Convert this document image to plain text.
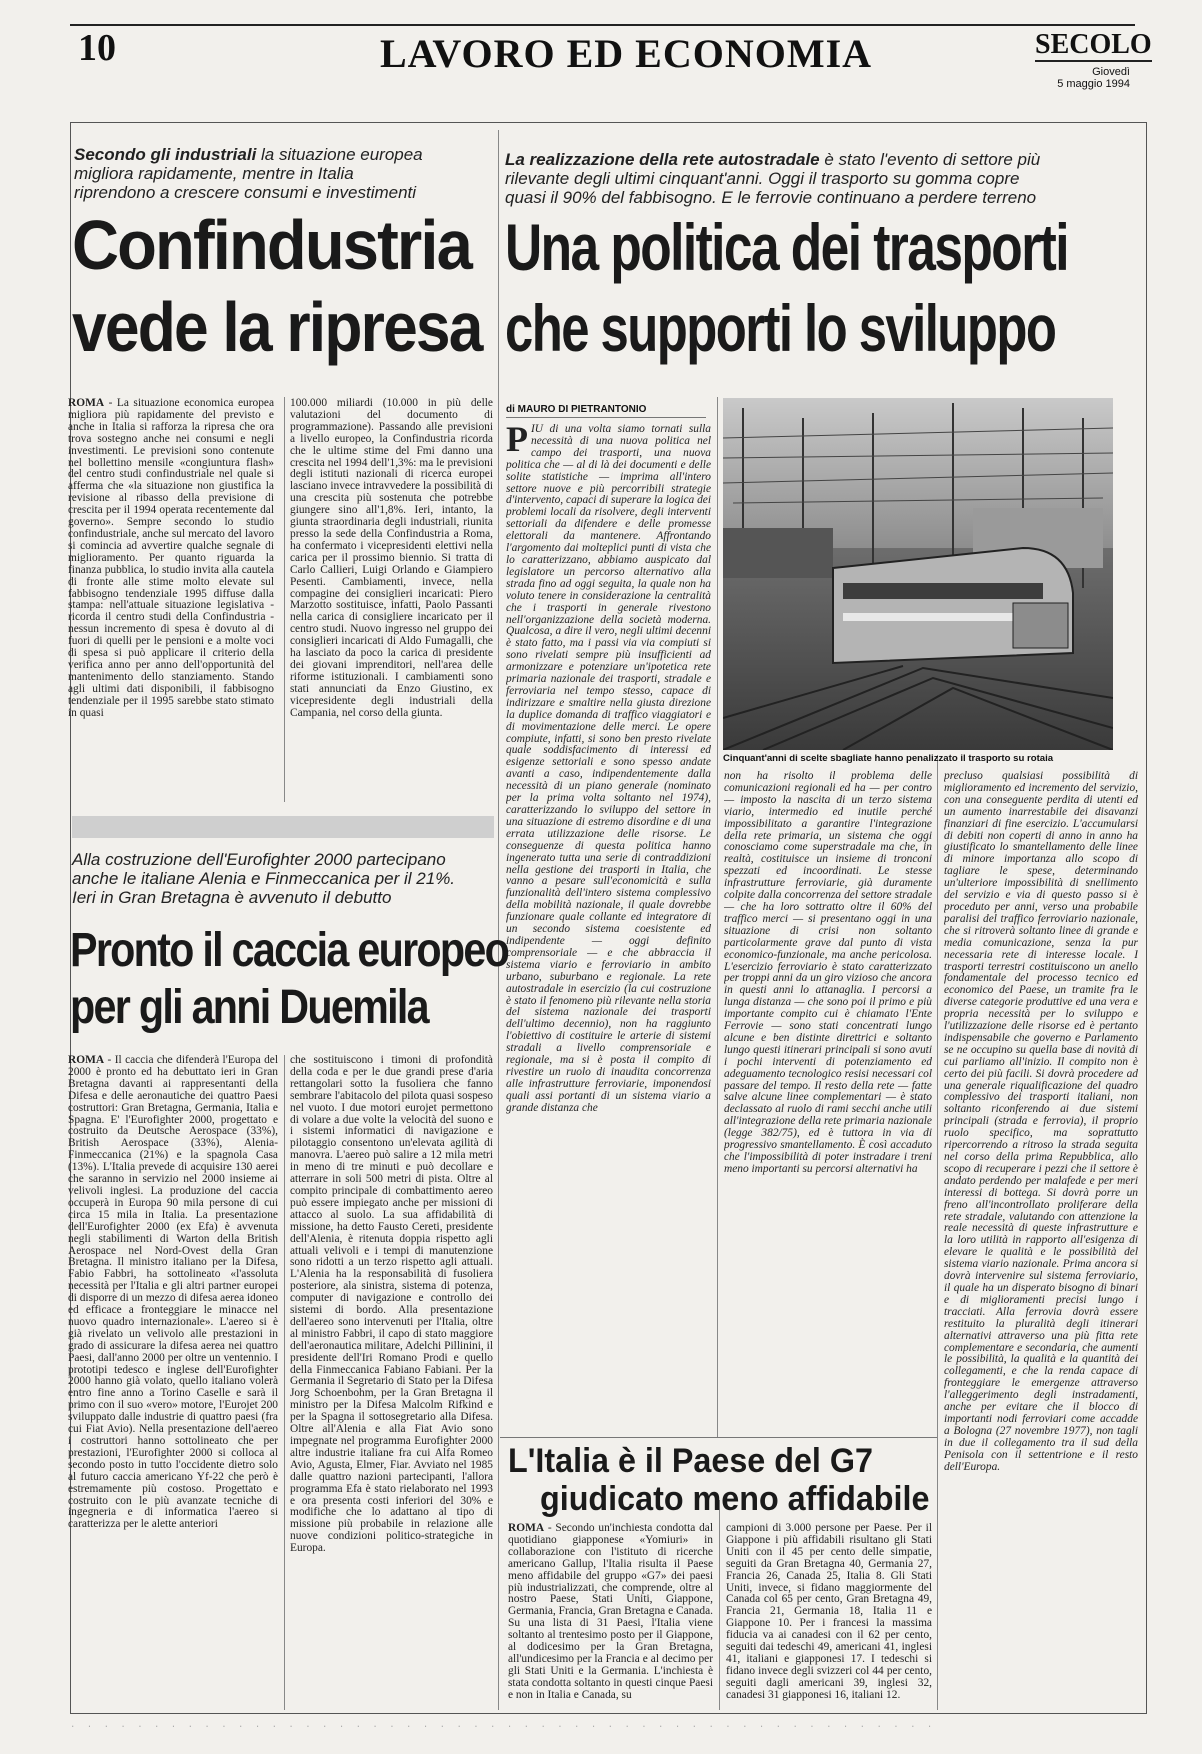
10	LAVORO ED ECONOMIA	SECOLO
Giovedì
5 maggio 1994
Secondo gli industriali la situazione europea migliora rapidamente, mentre in Italia riprendono a crescere consumi e investimenti
Confindustria
vede la ripresa
ROMA - La situazione economica europea migliora più rapidamente del previsto e anche in Italia si rafforza la ripresa che ora trova sostegno anche nei consumi e negli investimenti. Le previsioni sono contenute nel bollettino mensile «congiuntura flash» del centro studi confindustriale nel quale si afferma che «la situazione non giustifica la revisione al ribasso della previsione di crescita per il 1994 operata recentemente dal governo». Sempre secondo lo studio confindustriale, anche sul mercato del lavoro si comincia ad avvertire qualche segnale di miglioramento. Per quanto riguarda la finanza pubblica, lo studio invita alla cautela di fronte alle stime molto elevate sul fabbisogno tendenziale 1995 diffuse dalla stampa: nell'attuale situazione legislativa - ricorda il centro studi della Confindustria - nessun incremento di spesa è dovuto al di fuori di quelli per le pensioni e a molte voci di spesa si può applicare il criterio della verifica anno per anno dell'opportunità del mantenimento dello stanziamento. Stando agli ultimi dati disponibili, il fabbisogno tendenziale per il 1995 sarebbe stato stimato in quasi
100.000 miliardi (10.000 in più delle valutazioni del documento di programmazione). Passando alle previsioni a livello europeo, la Confindustria ricorda che le ultime stime del Fmi danno una crescita nel 1994 dell'1,3%: ma le previsioni degli istituti nazionali di ricerca europei lasciano invece intravvedere la possibilità di una crescita più sostenuta che potrebbe giungere sino all'1,8%. Ieri, intanto, la giunta straordinaria degli industriali, riunita presso la sede della Confindustria a Roma, ha confermato i vicepresidenti elettivi nella carica per il prossimo biennio. Si tratta di Carlo Callieri, Luigi Orlando e Giampiero Pesenti. Cambiamenti, invece, nella compagine dei consiglieri incaricati: Piero Marzotto sostituisce, infatti, Paolo Passanti nella carica di consigliere incaricato per il centro studi. Nuovo ingresso nel gruppo dei consiglieri incaricati di Aldo Fumagalli, che ha lasciato da poco la carica di presidente dei giovani imprenditori, nell'area delle riforme istituzionali. I cambiamenti sono stati annunciati da Enzo Giustino, ex vicepresidente degli industriali della Campania, nel corso della giunta.
La realizzazione della rete autostradale è stato l'evento di settore più rilevante degli ultimi cinquant'anni. Oggi il trasporto su gomma copre quasi il 90% del fabbisogno. E le ferrovie continuano a perdere terreno
Una politica dei trasporti
che supporti lo sviluppo
di MAURO DI PIETRANTONIO
PIÙ di una volta siamo tornati sulla necessità di una nuova politica nel campo dei trasporti, una nuova politica che — al di là dei documenti e delle solite statistiche — imprima all'intero settore nuove e più percorribili strategie d'intervento, capaci di superare la logica dei problemi locali da risolvere, degli interventi settoriali da difendere e delle promesse elettorali da mantenere. Affrontando l'argomento dai molteplici punti di vista che lo caratterizzano, abbiamo auspicato dal legislatore un percorso alternativo alla strada fino ad oggi seguita, la quale non ha voluto tenere in considerazione la centralità che i trasporti in generale rivestono nell'organizzazione della società moderna. Qualcosa, a dire il vero, negli ultimi decenni è stato fatto, ma i passi via via compiuti si sono rivelati sempre più insufficienti ad armonizzare e potenziare un'ipotetica rete primaria nazionale dei trasporti, stradale e ferroviaria nel tempo stesso, capace di indirizzare e smaltire nella giusta direzione la duplice domanda di traffico viaggiatori e di movimentazione delle merci. Le opere compiute, infatti, si sono ben presto rivelate quale soddisfacimento di interessi ed esigenze settoriali e sono spesso andate avanti a caso, indipendentemente dalla necessità di un piano generale (nominato per la prima volta soltanto nel 1974), caratterizzando lo sviluppo del settore in una situazione di estremo disordine e di una errata utilizzazione delle risorse. Le conseguenze di questa politica hanno ingenerato tutta una serie di contraddizioni nella gestione dei trasporti in Italia, che vanno a pesare sull'economicità e sulla funzionalità dell'intero sistema complessivo della mobilità nazionale, il quale dovrebbe funzionare quale collante ed integratore di un secondo sistema coesistente ed indipendente — oggi definito comprensoriale — e che abbraccia il sistema viario e ferroviario in ambito urbano, suburbano e regionale. La rete autostradale in esercizio (la cui costruzione è stato il fenomeno più rilevante nella storia del sistema nazionale dei trasporti dell'ultimo decennio), non ha raggiunto l'obiettivo di costituire le arterie di sistemi stradali a livello comprensoriale e regionale, ma si è posta il compito di rivestire un ruolo di inaudita concorrenza alle infrastrutture ferroviarie, imponendosi quali assi portanti di un sistema viario a grande distanza che
Cinquant'anni di scelte sbagliate hanno penalizzato il trasporto su rotaia
non ha risolto il problema delle comunicazioni regionali ed ha — per contro — imposto la nascita di un terzo sistema viario, intermedio ed inutile perché impossibilitato a garantire l'integrazione della rete primaria, un sistema che oggi conosciamo come superstradale ma che, in realtà, costituisce un insieme di tronconi spezzati ed incoordinati. Le stesse infrastrutture ferroviarie, già duramente colpite dalla concorrenza del settore stradale — che ha loro sottratto oltre il 60% del traffico merci — si presentano oggi in una situazione di crisi non soltanto particolarmente grave dal punto di vista economico-funzionale, ma anche pericolosa. L'esercizio ferroviario è stato caratterizzato per troppi anni da un giro vizioso che ancora in questi anni lo attanaglia. I percorsi a lunga distanza — che sono poi il primo e più importante compito cui è chiamato l'Ente Ferrovie — sono stati concentrati lungo alcune e ben distinte direttrici e soltanto lungo questi itinerari principali si sono avuti i pochi interventi di potenziamento ed adeguamento tecnologico resisi necessari col passare del tempo. Il resto della rete — fatte salve alcune linee complementari — è stato declassato al ruolo di rami secchi anche utili all'integrazione della rete primaria nazionale (legge 382/75), ed è tuttora in via di progressivo smantellamento. È così accaduto che l'impossibilità di poter instradare i treni meno importanti su percorsi alternativi ha
precluso qualsiasi possibilità di miglioramento ed incremento del servizio, con una conseguente perdita di utenti ed un aumento inarrestabile dei disavanzi finanziari di fine esercizio. L'accumularsi di debiti non coperti di anno in anno ha giustificato lo smantellamento delle linee di minore importanza allo scopo di tagliare le spese, determinando un'ulteriore impossibilità di snellimento del servizio e via di questo passo si è proceduto per anni, verso una probabile paralisi del traffico ferroviario nazionale, che si ritroverà soltanto linee di grande e media comunicazione, senza la pur necessaria rete di interesse locale. I trasporti terrestri costituiscono un anello fondamentale del processo tecnico ed economico del Paese, un tramite fra le diverse categorie produttive ed una vera e propria necessità per lo sviluppo e l'utilizzazione delle risorse ed è pertanto indispensabile che governo e Parlamento se ne occupino su quella base di novità di cui parliamo all'inizio. Il compito non è certo dei più facili. Si dovrà procedere ad una generale riqualificazione del quadro complessivo dei trasporti italiani, non soltanto riconferendo ai due sistemi principali (strada e ferrovia), il proprio ruolo specifico, ma soprattutto ripercorrendo a ritroso la strada seguita nel corso della prima Repubblica, allo scopo di recuperare i pezzi che il settore è andato perdendo per malafede e per meri interessi di bottega. Si dovrà porre un freno all'incontrollato proliferare della rete stradale, valutando con attenzione la reale necessità di queste infrastrutture e la loro utilità in rapporto all'esigenza di elevare le qualità e le possibilità del sistema viario nazionale. Prima ancora si dovrà intervenire sul sistema ferroviario, il quale ha un disperato bisogno di binari e di miglioramenti precisi lungo i tracciati. Alla ferrovia dovrà essere restituito la pluralità degli itinerari alternativi attraverso una più fitta rete complementare e secondaria, che aumenti le possibilità, la qualità e la quantità dei collegamenti, e che la renda capace di fronteggiare le emergenze attraverso l'alleggerimento degli instradamenti, anche per evitare che il blocco di importanti nodi ferroviari come accadde a Bologna (27 novembre 1977), non tagli in due il collegamento tra il sud della Penisola con il settentrione e il resto dell'Europa.
Alla costruzione dell'Eurofighter 2000 partecipano anche le italiane Alenia e Finmeccanica per il 21%. Ieri in Gran Bretagna è avvenuto il debutto
Pronto il caccia europeo
per gli anni Duemila
ROMA - Il caccia che difenderà l'Europa del 2000 è pronto ed ha debuttato ieri in Gran Bretagna davanti ai rappresentanti della Difesa e delle aeronautiche dei quattro Paesi costruttori: Gran Bretagna, Germania, Italia e Spagna. E' l'Eurofighter 2000, progettato e costruito da Deutsche Aerospace (33%), British Aerospace (33%), Alenia-Finmeccanica (21%) e la spagnola Casa (13%). L'Italia prevede di acquisire 130 aerei che saranno in servizio nel 2000 insieme ai velivoli inglesi. La produzione del caccia occuperà in Europa 90 mila persone di cui circa 15 mila in Italia. La presentazione dell'Eurofighter 2000 (ex Efa) è avvenuta negli stabilimenti di Warton della British Aerospace nel Nord-Ovest della Gran Bretagna. Il ministro italiano per la Difesa, Fabio Fabbri, ha sottolineato «l'assoluta necessità per l'Italia e gli altri partner europei di disporre di un mezzo di difesa aerea idoneo ed efficace a fronteggiare le minacce nel nuovo quadro internazionale». L'aereo si è già rivelato un velivolo alle prestazioni in grado di assicurare la difesa aerea nei quattro Paesi, dall'anno 2000 per oltre un ventennio. I prototipi tedesco e inglese dell'Eurofighter 2000 hanno già volato, quello italiano volerà entro fine anno a Torino Caselle e sarà il primo con il suo «vero» motore, l'Eurojet 200 sviluppato dalle industrie di quattro paesi (fra cui Fiat Avio). Nella presentazione dell'aereo i costruttori hanno sottolineato che per prestazioni, l'Eurofighter 2000 si colloca al secondo posto in tutto l'occidente dietro solo al futuro caccia americano Yf-22 che però è estremamente più costoso. Progettato e costruito con le più avanzate tecniche di ingegneria e di informatica l'aereo si caratterizza per le alette anteriori
che sostituiscono i timoni di profondità della coda e per le due grandi prese d'aria rettangolari sotto la fusoliera che fanno sembrare l'abitacolo del pilota quasi sospeso nel vuoto. I due motori eurojet permettono di volare a due volte la velocità del suono e i sistemi informatici di navigazione e pilotaggio consentono un'elevata agilità di manovra. L'aereo può salire a 12 mila metri in meno di tre minuti e può decollare e atterrare in soli 500 metri di pista. Oltre al compito principale di combattimento aereo può essere impiegato anche per missioni di attacco al suolo. La sua affidabilità di missione, ha detto Fausto Cereti, presidente dell'Alenia, è ritenuta doppia rispetto agli attuali velivoli e i tempi di manutenzione sono ridotti a un terzo rispetto agli attuali. L'Alenia ha la responsabilità di fusoliera posteriore, ala sinistra, sistema di potenza, computer di navigazione e controllo dei sistemi di bordo. Alla presentazione dell'aereo sono intervenuti per l'Italia, oltre al ministro Fabbri, il capo di stato maggiore dell'aeronautica militare, Adelchi Pillinini, il presidente dell'Iri Romano Prodi e quello della Finmeccanica Fabiano Fabiani. Per la Germania il Segretario di Stato per la Difesa Jorg Schoenbohm, per la Gran Bretagna il ministro per la Difesa Malcolm Rifkind e per la Spagna il sottosegretario alla Difesa. Oltre all'Alenia e alla Fiat Avio sono impegnate nel programma Eurofighter 2000 altre industrie italiane fra cui Alfa Romeo Avio, Agusta, Elmer, Fiar. Avviato nel 1985 dalle quattro nazioni partecipanti, l'allora programma Efa è stato rielaborato nel 1993 e ora presenta costi inferiori del 30% e modifiche che lo adattano al tipo di missione più probabile in relazione alle nuove condizioni politico-strategiche in Europa.
L'Italia è il Paese del G7
giudicato meno affidabile
ROMA - Secondo un'inchiesta condotta dal quotidiano giapponese «Yomiuri» in collaborazione con l'istituto di ricerche americano Gallup, l'Italia risulta il Paese meno affidabile del gruppo «G7» dei paesi più industrializzati, che comprende, oltre al nostro Paese, Stati Uniti, Giappone, Germania, Francia, Gran Bretagna e Canada. Su una lista di 31 Paesi, l'Italia viene soltanto al trentesimo posto per il Giappone, al dodicesimo per la Gran Bretagna, all'undicesimo per la Francia e al decimo per gli Stati Uniti e la Germania. L'inchiesta è stata condotta soltanto in questi cinque Paesi e non in Italia e Canada, su
campioni di 3.000 persone per Paese. Per il Giappone i più affidabili risultano gli Stati Uniti con il 45 per cento delle simpatie, seguiti da Gran Bretagna 40, Germania 27, Francia 26, Canada 25, Italia 8. Gli Stati Uniti, invece, si fidano maggiormente del Canada col 65 per cento, Gran Bretagna 49, Francia 21, Germania 18, Italia 11 e Giappone 10. Per i francesi la massima fiducia va ai canadesi con il 62 per cento, seguiti dai tedeschi 49, americani 41, inglesi 41, italiani e giapponesi 17. I tedeschi si fidano invece degli svizzeri col 44 per cento, seguiti dagli americani 39, inglesi 32, canadesi 31 giapponesi 16, italiani 12.
· · · · · · · · · · · · · · · · · · · · · · · · · · · · · · · · · · · · · · · · · · · · · · · · · · · ·
